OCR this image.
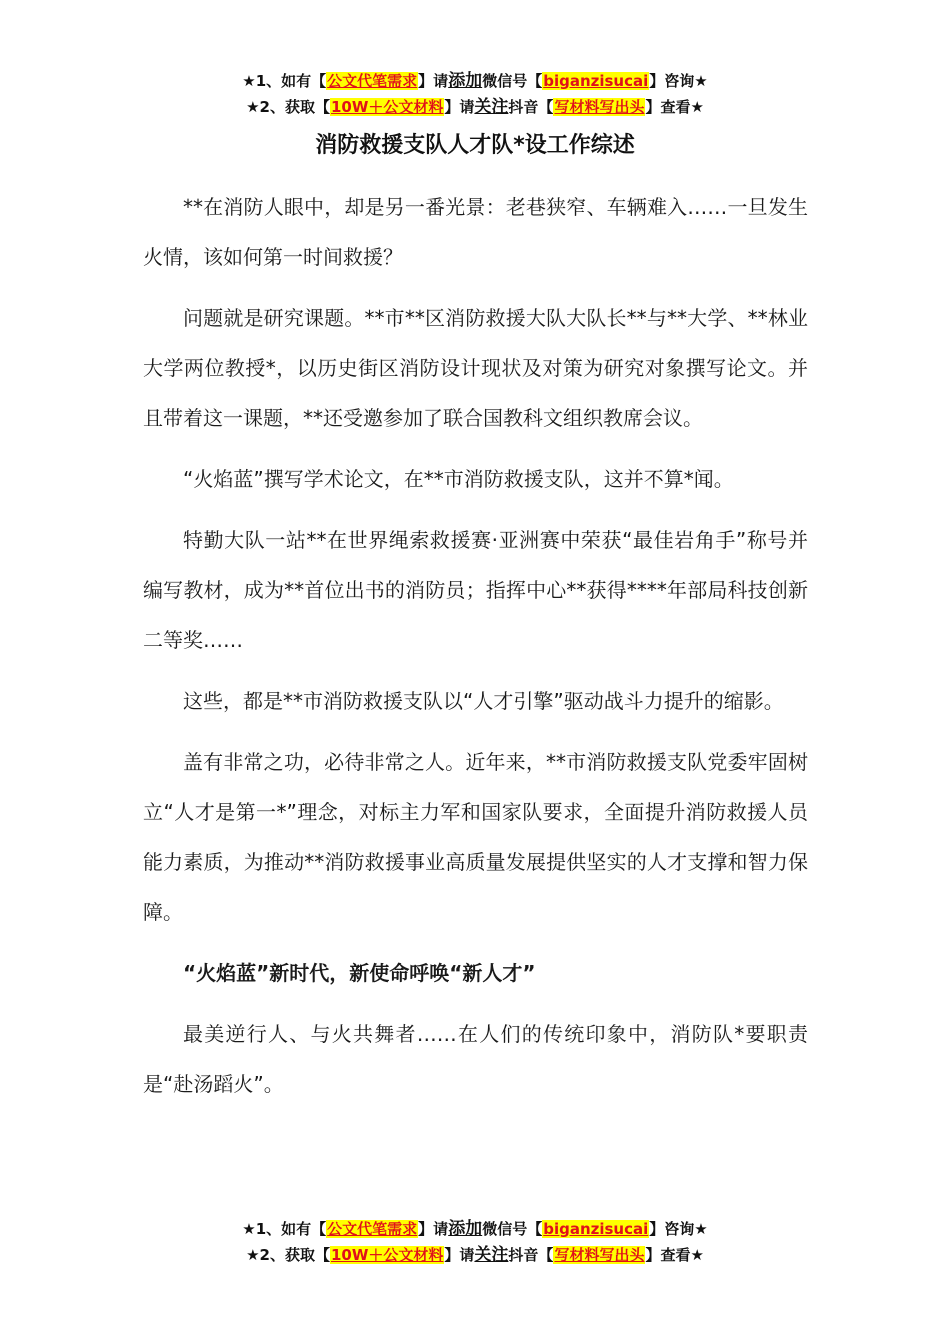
★1、如有【公文代笔需求】请添加微信号【biganzisucai】咨询★
★2、获取【10W＋公文材料】请关注抖音【写材料写出头】查看★
消防救援支队人才队*设工作综述

**在消防人眼中，却是另一番光景：老巷狭窄、车辆难入……一旦发生火情，该如何第一时间救援？

问题就是研究课题。**市**区消防救援大队大队长**与**大学、**林业大学两位教授*，以历史街区消防设计现状及对策为研究对象撰写论文。并且带着这一课题，**还受邀参加了联合国教科文组织教席会议。

“火焰蓝”撰写学术论文，在**市消防救援支队，这并不算*闻。

特勤大队一站**在世界绳索救援赛·亚洲赛中荣获“最佳岩角手”称号并编写教材，成为**首位出书的消防员；指挥中心**获得****年部局科技创新二等奖……

这些，都是**市消防救援支队以“人才引擎”驱动战斗力提升的缩影。

盖有非常之功，必待非常之人。近年来，**市消防救援支队党委牢固树立“人才是第一*”理念，对标主力军和国家队要求，全面提升消防救援人员能力素质，为推动**消防救援事业高质量发展提供坚实的人才支撑和智力保障。

“火焰蓝”新时代，新使命呼唤“新人才”

最美逆行人、与火共舞者……在人们的传统印象中，消防队*要职责是“赴汤蹈火”。

★1、如有【公文代笔需求】请添加微信号【biganzisucai】咨询★
★2、获取【10W＋公文材料】请关注抖音【写材料写出头】查看★
